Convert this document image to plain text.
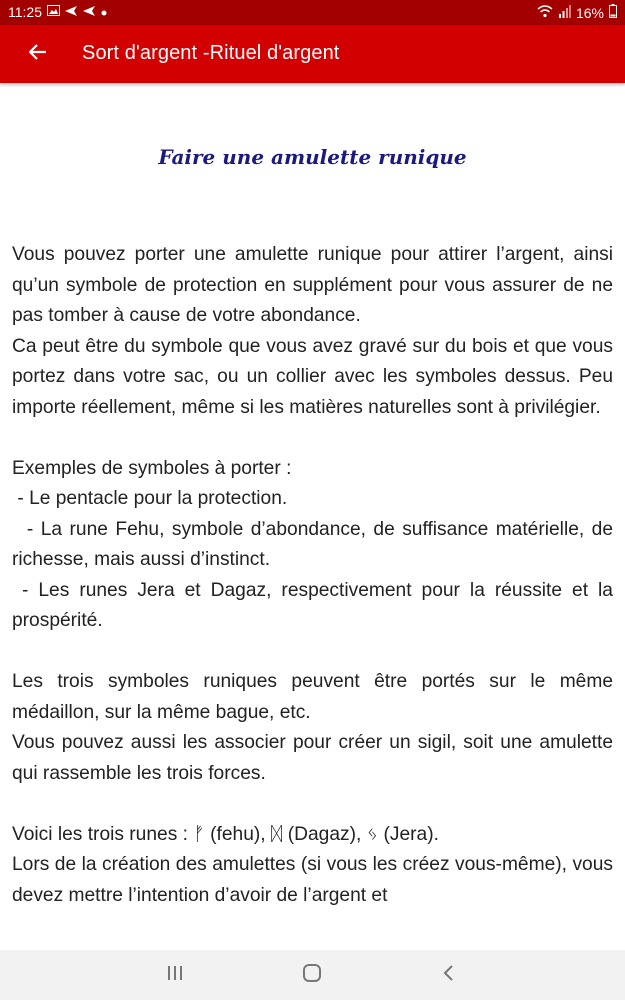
11:25	16%
Sort d'argent -Rituel d'argent
Faire une amulette runique

Vous pouvez porter une amulette runique pour attirer l’argent, ainsi qu’un symbole de protection en supplément pour vous assurer de ne pas tomber à cause de votre abondance.

Ca peut être du symbole que vous avez gravé sur du bois et que vous portez dans votre sac, ou un collier avec les symboles dessus. Peu importe réellement, même si les matières naturelles sont à privilégier.

Exemples de symboles à porter :

- Le pentacle pour la protection.

- La rune Fehu, symbole d’abondance, de suffisance matérielle, de richesse, mais aussi d’instinct.

- Les runes Jera et Dagaz, respectivement pour la réussite et la prospérité.

Les trois symboles runiques peuvent être portés sur le même médaillon, sur la même bague, etc.

Vous pouvez aussi les associer pour créer un sigil, soit une amulette qui rassemble les trois forces.

Voici les trois runes : ᚠ (fehu), ᛞ (Dagaz), ᛃ (Jera).

Lors de la création des amulettes (si vous les créez vous-même), vous devez mettre l’intention d’avoir de l’argent et
